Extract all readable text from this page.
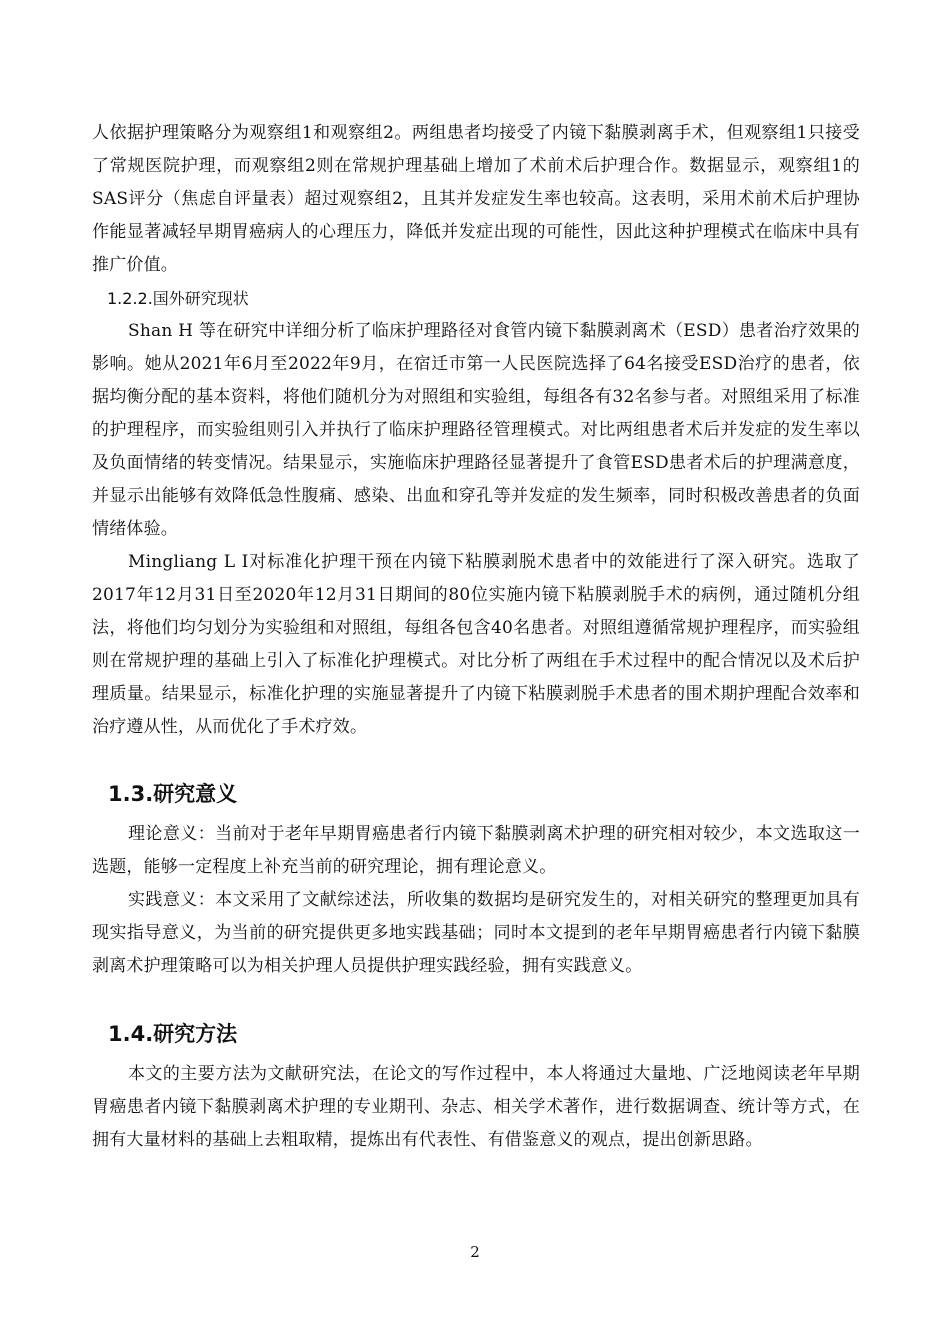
人依据护理策略分为观察组1和观察组2。两组患者均接受了内镜下黏膜剥离手术，但观察组1只接受了常规医院护理，而观察组2则在常规护理基础上增加了术前术后护理合作。数据显示，观察组1的SAS评分（焦虑自评量表）超过观察组2，且其并发症发生率也较高。这表明，采用术前术后护理协作能显著减轻早期胃癌病人的心理压力，降低并发症出现的可能性，因此这种护理模式在临床中具有推广价值。

1.2.2.国外研究现状

Shan H 等在研究中详细分析了临床护理路径对食管内镜下黏膜剥离术（ESD）患者治疗效果的影响。她从2021年6月至2022年9月，在宿迁市第一人民医院选择了64名接受ESD治疗的患者，依据均衡分配的基本资料，将他们随机分为对照组和实验组，每组各有32名参与者。对照组采用了标准的护理程序，而实验组则引入并执行了临床护理路径管理模式。对比两组患者术后并发症的发生率以及负面情绪的转变情况。结果显示，实施临床护理路径显著提升了食管ESD患者术后的护理满意度，并显示出能够有效降低急性腹痛、感染、出血和穿孔等并发症的发生频率，同时积极改善患者的负面情绪体验。

Mingliang L I对标准化护理干预在内镜下粘膜剥脱术患者中的效能进行了深入研究。选取了2017年12月31日至2020年12月31日期间的80位实施内镜下粘膜剥脱手术的病例，通过随机分组法，将他们均匀划分为实验组和对照组，每组各包含40名患者。对照组遵循常规护理程序，而实验组则在常规护理的基础上引入了标准化护理模式。对比分析了两组在手术过程中的配合情况以及术后护理质量。结果显示，标准化护理的实施显著提升了内镜下粘膜剥脱手术患者的围术期护理配合效率和治疗遵从性，从而优化了手术疗效。

1.3.研究意义

理论意义：当前对于老年早期胃癌患者行内镜下黏膜剥离术护理的研究相对较少，本文选取这一选题，能够一定程度上补充当前的研究理论，拥有理论意义。

实践意义：本文采用了文献综述法，所收集的数据均是研究发生的，对相关研究的整理更加具有现实指导意义，为当前的研究提供更多地实践基础；同时本文提到的老年早期胃癌患者行内镜下黏膜剥离术护理策略可以为相关护理人员提供护理实践经验，拥有实践意义。

1.4.研究方法

本文的主要方法为文献研究法，在论文的写作过程中，本人将通过大量地、广泛地阅读老年早期胃癌患者内镜下黏膜剥离术护理的专业期刊、杂志、相关学术著作，进行数据调查、统计等方式，在拥有大量材料的基础上去粗取精，提炼出有代表性、有借鉴意义的观点，提出创新思路。

2
